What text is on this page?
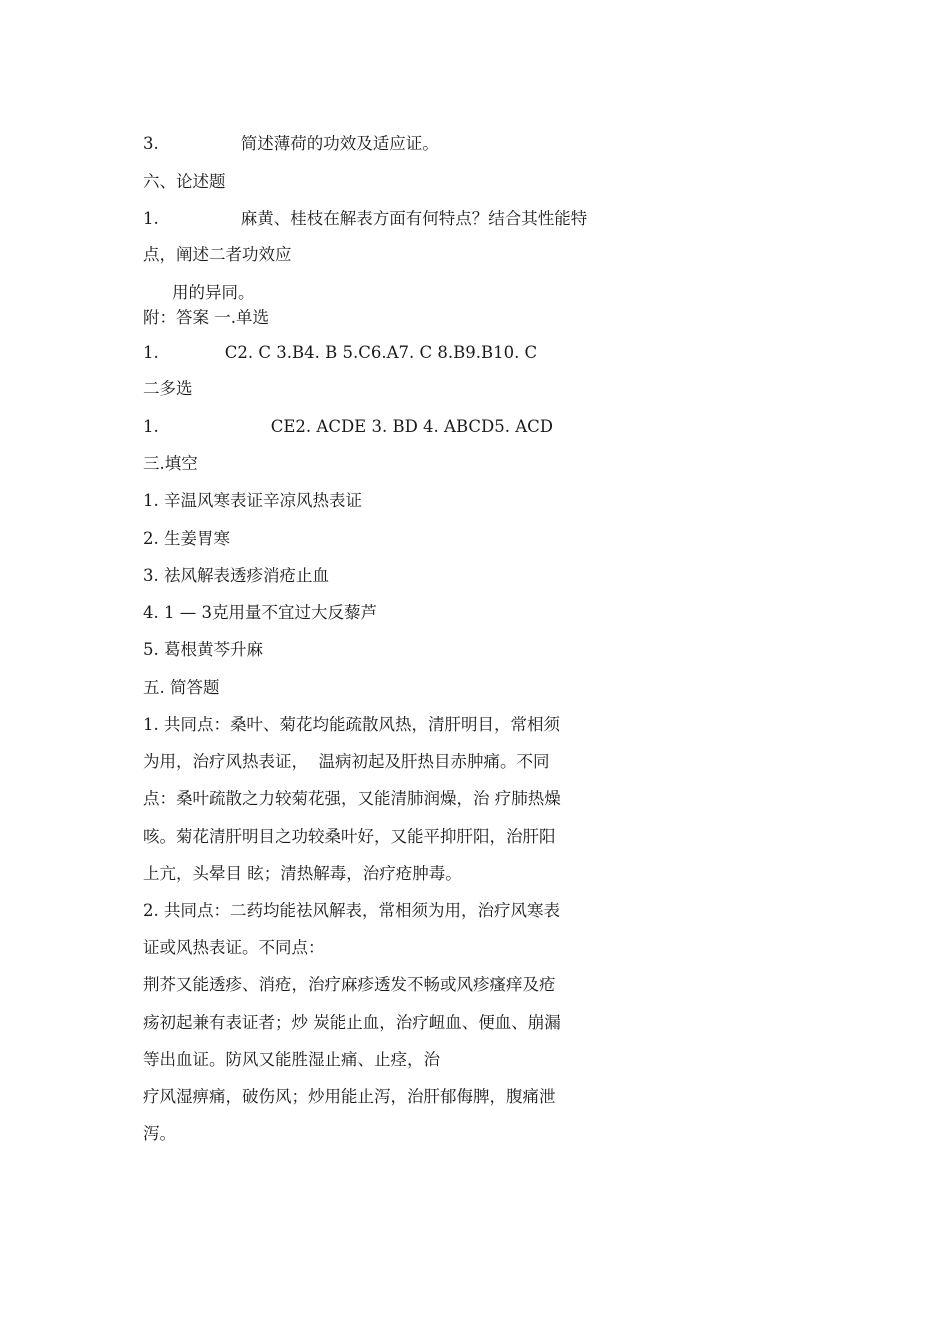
3.	简述薄荷的功效及适应证。
六、论述题
1.	麻黄、桂枝在解表方面有何特点？结合其性能特
点，阐述二者功效应
用的异同。
附：答案 一.单选
1.	C2. C 3.B4. B 5.C6.A7. C 8.B9.B10. C
二多选
1.	CE2. ACDE 3. BD 4. ABCD5. ACD
三.填空
1. 辛温风寒表证辛凉风热表证
2. 生姜胃寒
3. 祛风解表透疹消疮止血
4. 1 — 3克用量不宜过大反藜芦
5. 葛根黄芩升麻
五. 简答题
1. 共同点：桑叶、菊花均能疏散风热，清肝明目，常相须
为用，治疗风热表证，  温病初起及肝热目赤肿痛。不同
点：桑叶疏散之力较菊花强，又能清肺润燥，治 疗肺热燥
咳。菊花清肝明目之功较桑叶好，又能平抑肝阳，治肝阳
上亢，头晕目 眩；清热解毒，治疗疮肿毒。
2. 共同点：二药均能祛风解表，常相须为用，治疗风寒表
证或风热表证。不同点：
荆芥又能透疹、消疮，治疗麻疹透发不畅或风疹瘙痒及疮
疡初起兼有表证者；炒 炭能止血，治疗衄血、便血、崩漏
等出血证。防风又能胜湿止痛、止痉，治
疗风湿痹痛，破伤风；炒用能止泻，治肝郁侮脾，腹痛泄
泻。
